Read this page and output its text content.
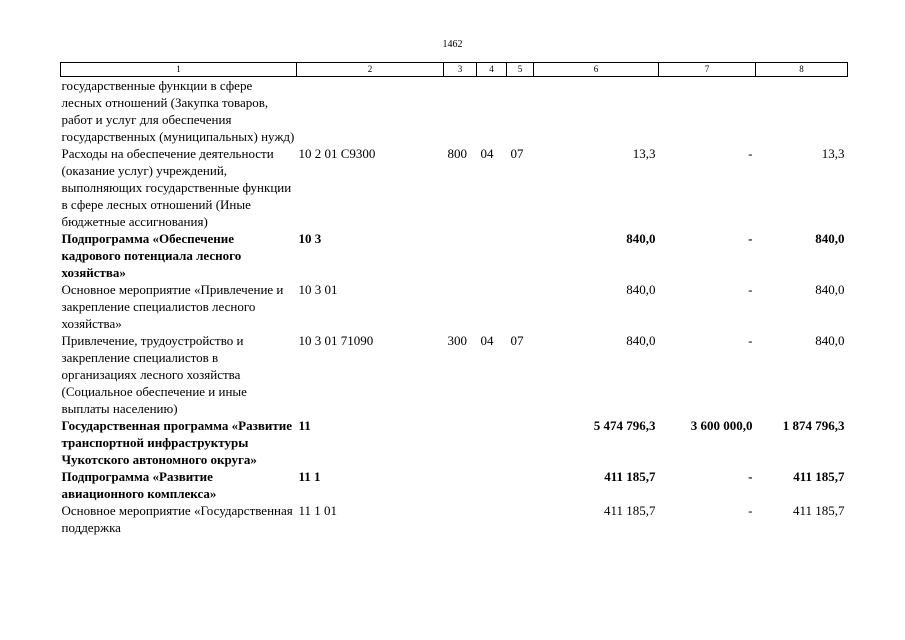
1462
1	2	3	4	5	6	7	8
государственные функции в сфере лесных отношений (Закупка товаров, работ и услуг для обеспечения государственных (муниципальных) нужд)							
Расходы на обеспечение деятельности (оказание услуг) учреждений, выполняющих государственные функции в сфере лесных отношений (Иные бюджетные ассигнования)	10 2 01 С9300	800	04	07	13,3	-	13,3
Подпрограмма «Обеспечение кадрового потенциала лесного хозяйства»	10 3				840,0	-	840,0
Основное мероприятие «Привлечение и закрепление специалистов лесного хозяйства»	10 3 01				840,0	-	840,0
Привлечение, трудоустройство и закрепление специалистов в организациях лесного хозяйства (Социальное обеспечение и иные выплаты населению)	10 3 01 71090	300	04	07	840,0	-	840,0
Государственная программа «Развитие транспортной инфраструктуры Чукотского автономного округа»	11				5 474 796,3	3 600 000,0	1 874 796,3
Подпрограмма «Развитие авиационного комплекса»	11 1				411 185,7	-	411 185,7
Основное мероприятие «Государственная поддержка	11 1 01				411 185,7	-	411 185,7
